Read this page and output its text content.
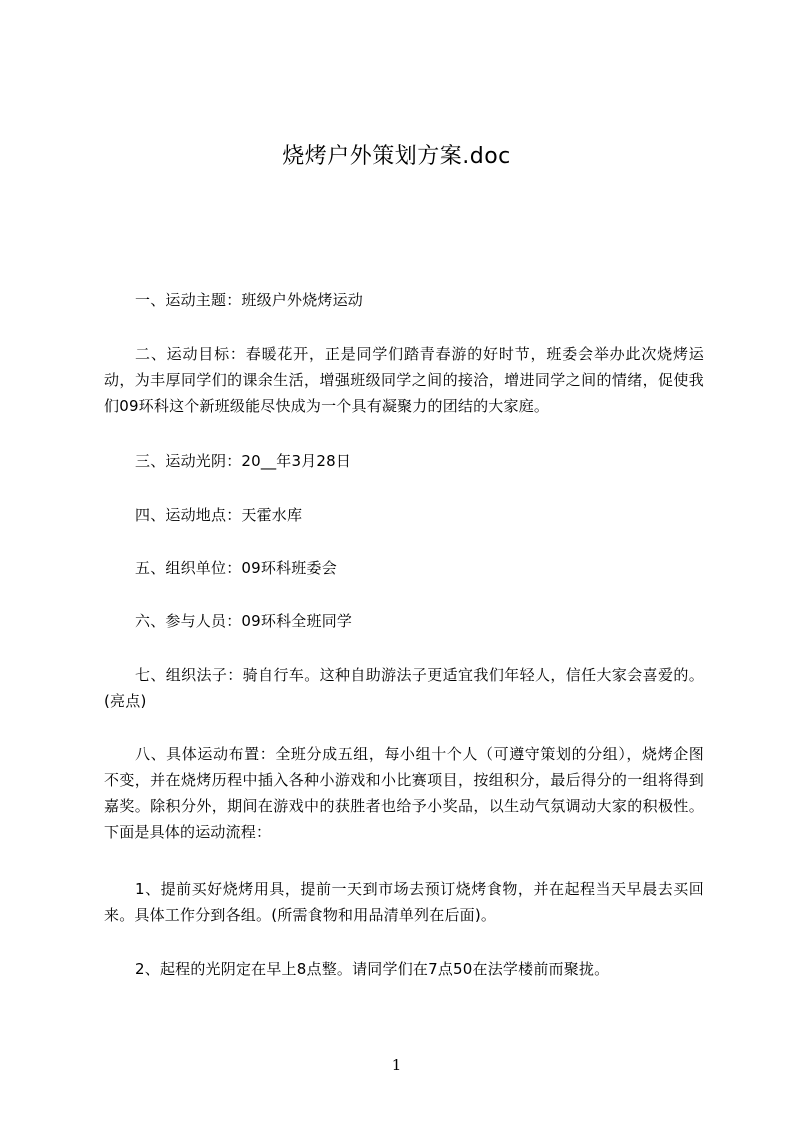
烧烤户外策划方案.doc

一、运动主题：班级户外烧烤运动

二、运动目标：春暖花开，正是同学们踏青春游的好时节，班委会举办此次烧烤运动，为丰厚同学们的课余生活，增强班级同学之间的接洽，增进同学之间的情绪，促使我们09环科这个新班级能尽快成为一个具有凝聚力的团结的大家庭。

三、运动光阴：20__年3月28日

四、运动地点：天霍水库

五、组织单位：09环科班委会

六、参与人员：09环科全班同学

七、组织法子：骑自行车。这种自助游法子更适宜我们年轻人，信任大家会喜爱的。(亮点)

八、具体运动布置：全班分成五组，每小组十个人（可遵守策划的分组），烧烤企图不变，并在烧烤历程中插入各种小游戏和小比赛项目，按组积分，最后得分的一组将得到嘉奖。除积分外，期间在游戏中的获胜者也给予小奖品，以生动气氛调动大家的积极性。下面是具体的运动流程：

1、提前买好烧烤用具，提前一天到市场去预订烧烤食物，并在起程当天早晨去买回来。具体工作分到各组。(所需食物和用品清单列在后面)。

2、起程的光阴定在早上8点整。请同学们在7点50在法学楼前而聚拢。

1
